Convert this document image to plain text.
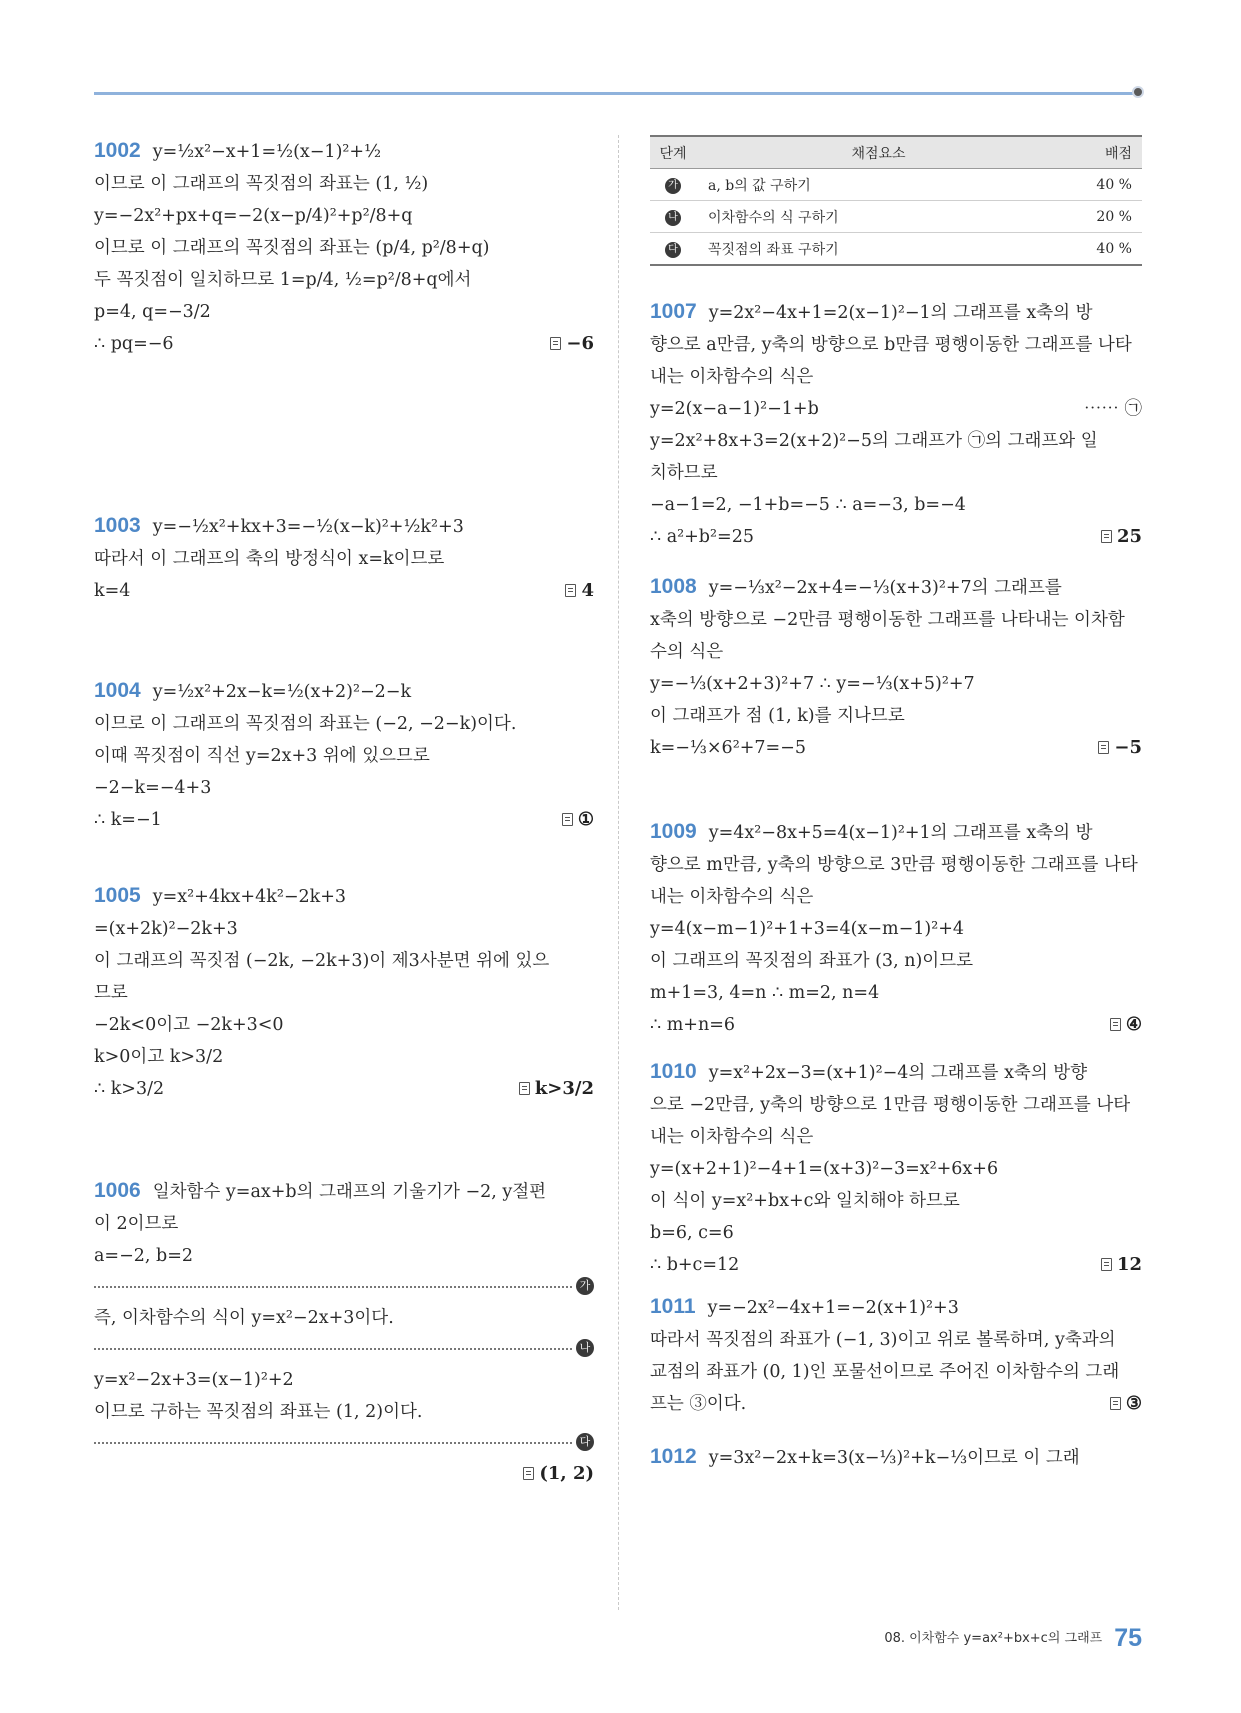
1002 y=½x²−x+1=½(x−1)²+½
이므로 이 그래프의 꼭짓점의 좌표는 (1, ½)
y=−2x²+px+q=−2(x−p/4)²+p²/8+q
이므로 이 그래프의 꼭짓점의 좌표는 (p/4, p²/8+q)
두 꼭짓점이 일치하므로 1=p/4, ½=p²/8+q에서
p=4, q=−3/2
∴ pq=−6	−6
1003 y=−½x²+kx+3=−½(x−k)²+½k²+3
따라서 이 그래프의 축의 방정식이 x=k이므로
k=4	4
1004 y=½x²+2x−k=½(x+2)²−2−k
이므로 이 그래프의 꼭짓점의 좌표는 (−2, −2−k)이다.
이때 꼭짓점이 직선 y=2x+3 위에 있으므로
−2−k=−4+3
∴ k=−1	①
1005 y=x²+4kx+4k²−2k+3
=(x+2k)²−2k+3
이 그래프의 꼭짓점 (−2k, −2k+3)이 제3사분면 위에 있으
므로
−2k<0이고 −2k+3<0
k>0이고 k>3/2
∴ k>3/2	k>3/2
1006 일차함수 y=ax+b의 그래프의 기울기가 −2, y절편
이 2이므로
a=−2, b=2
가
즉, 이차함수의 식이 y=x²−2x+3이다.
나
y=x²−2x+3=(x−1)²+2
이므로 구하는 꼭짓점의 좌표는 (1, 2)이다.
다
(1, 2)
단계	채점요소	배점
가	a, b의 값 구하기	40 %
나	이차함수의 식 구하기	20 %
다	꼭짓점의 좌표 구하기	40 %
1007 y=2x²−4x+1=2(x−1)²−1의 그래프를 x축의 방
향으로 a만큼, y축의 방향으로 b만큼 평행이동한 그래프를 나타
내는 이차함수의 식은
y=2(x−a−1)²−1+b	⋯⋯ ㉠
y=2x²+8x+3=2(x+2)²−5의 그래프가 ㉠의 그래프와 일
치하므로
−a−1=2, −1+b=−5 ∴ a=−3, b=−4
∴ a²+b²=25	25
1008 y=−⅓x²−2x+4=−⅓(x+3)²+7의 그래프를
x축의 방향으로 −2만큼 평행이동한 그래프를 나타내는 이차함
수의 식은
y=−⅓(x+2+3)²+7 ∴ y=−⅓(x+5)²+7
이 그래프가 점 (1, k)를 지나므로
k=−⅓×6²+7=−5	−5
1009 y=4x²−8x+5=4(x−1)²+1의 그래프를 x축의 방
향으로 m만큼, y축의 방향으로 3만큼 평행이동한 그래프를 나타
내는 이차함수의 식은
y=4(x−m−1)²+1+3=4(x−m−1)²+4
이 그래프의 꼭짓점의 좌표가 (3, n)이므로
m+1=3, 4=n ∴ m=2, n=4
∴ m+n=6	④
1010 y=x²+2x−3=(x+1)²−4의 그래프를 x축의 방향
으로 −2만큼, y축의 방향으로 1만큼 평행이동한 그래프를 나타
내는 이차함수의 식은
y=(x+2+1)²−4+1=(x+3)²−3=x²+6x+6
이 식이 y=x²+bx+c와 일치해야 하므로
b=6, c=6
∴ b+c=12	12
1011 y=−2x²−4x+1=−2(x+1)²+3
따라서 꼭짓점의 좌표가 (−1, 3)이고 위로 볼록하며, y축과의
교점의 좌표가 (0, 1)인 포물선이므로 주어진 이차함수의 그래
프는 ③이다.	③
1012 y=3x²−2x+k=3(x−⅓)²+k−⅓이므로 이 그래
08. 이차함수 y=ax²+bx+c의 그래프 75
